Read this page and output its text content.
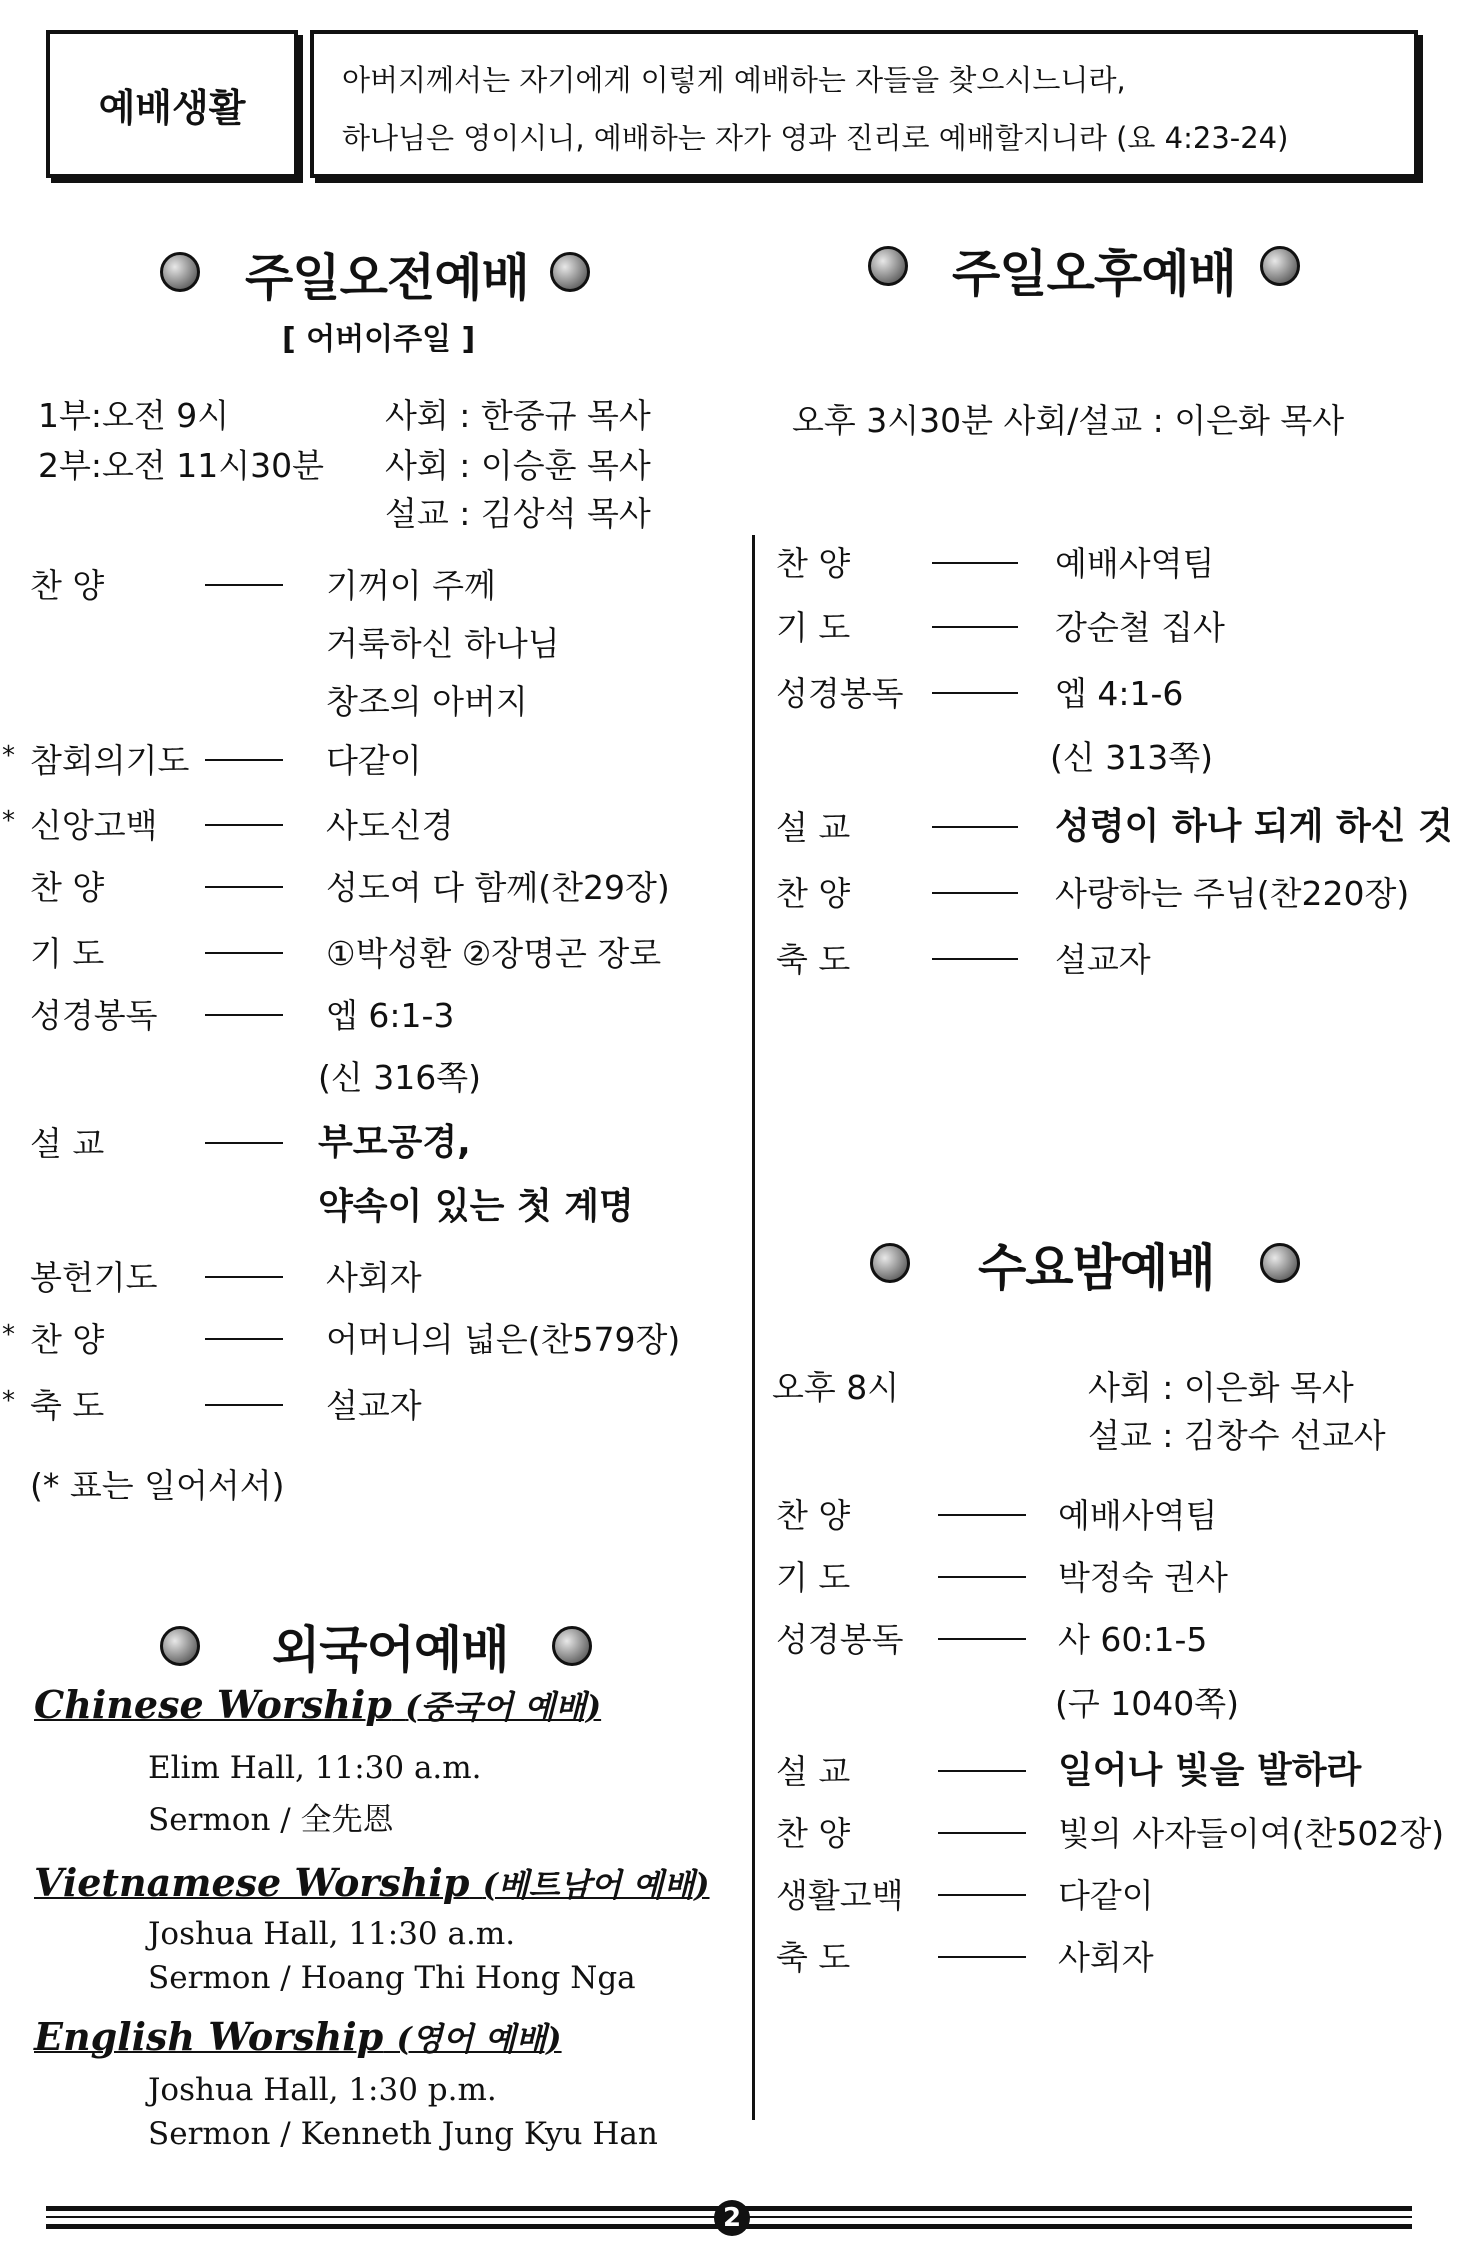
예배생활
아버지께서는 자기에게 이렇게 예배하는 자들을 찾으시느니라,
하나님은 영이시니, 예배하는 자가 영과 진리로 예배할지니라 (요 4:23-24)
주일오전예배
[ 어버이주일 ]
1부:오전 9시	사회 : 한중규 목사
2부:오전 11시30분 사회 : 이승훈 목사
설교 : 김상석 목사
찬 양	기꺼이 주께
거룩하신 하나님
창조의 아버지
* 참회의기도	다같이
* 신앙고백	사도신경
찬 양	성도여 다 함께(찬29장)
기 도	①박성환 ②장명곤 장로
성경봉독	엡 6:1-3
(신 316쪽)
설 교	부모공경,
약속이 있는 첫 계명
봉헌기도	사회자
* 찬 양	어머니의 넓은(찬579장)
* 축 도	설교자
(* 표는 일어서서)
외국어예배
Chinese Worship (중국어 예배)
Elim Hall, 11:30 a.m.
Sermon / 全先恩
Vietnamese Worship (베트남어 예배)
Joshua Hall, 11:30 a.m.
Sermon / Hoang Thi Hong Nga
English Worship (영어 예배)
Joshua Hall, 1:30 p.m.
Sermon / Kenneth Jung Kyu Han
주일오후예배
오후 3시30분 사회/설교 : 이은화 목사
찬 양	예배사역팀
기 도	강순철 집사
성경봉독	엡 4:1-6
(신 313쪽)
설 교	성령이 하나 되게 하신 것
찬 양	사랑하는 주님(찬220장)
축 도	설교자
수요밤예배
오후 8시	사회 : 이은화 목사
설교 : 김창수 선교사
찬 양	예배사역팀
기 도	박정숙 권사
성경봉독	사 60:1-5
(구 1040쪽)
설 교	일어나 빛을 발하라
찬 양	빛의 사자들이여(찬502장)
생활고백	다같이
축 도	사회자
2
